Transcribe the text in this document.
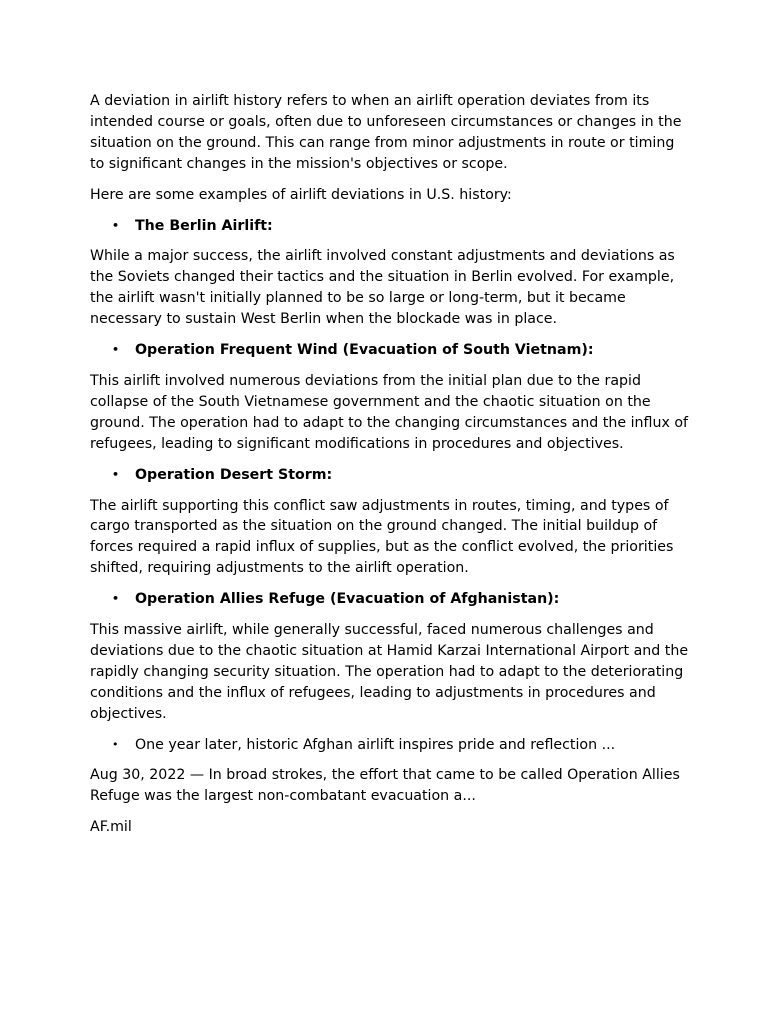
A deviation in airlift history refers to when an airlift operation deviates from its intended course or goals, often due to unforeseen circumstances or changes in the situation on the ground. This can range from minor adjustments in route or timing to significant changes in the mission's objectives or scope.

Here are some examples of airlift deviations in U.S. history:

• The Berlin Airlift:

While a major success, the airlift involved constant adjustments and deviations as the Soviets changed their tactics and the situation in Berlin evolved. For example, the airlift wasn't initially planned to be so large or long-term, but it became necessary to sustain West Berlin when the blockade was in place.

• Operation Frequent Wind (Evacuation of South Vietnam):

This airlift involved numerous deviations from the initial plan due to the rapid collapse of the South Vietnamese government and the chaotic situation on the ground. The operation had to adapt to the changing circumstances and the influx of refugees, leading to significant modifications in procedures and objectives.

• Operation Desert Storm:

The airlift supporting this conflict saw adjustments in routes, timing, and types of cargo transported as the situation on the ground changed. The initial buildup of forces required a rapid influx of supplies, but as the conflict evolved, the priorities shifted, requiring adjustments to the airlift operation.

• Operation Allies Refuge (Evacuation of Afghanistan):

This massive airlift, while generally successful, faced numerous challenges and deviations due to the chaotic situation at Hamid Karzai International Airport and the rapidly changing security situation. The operation had to adapt to the deteriorating conditions and the influx of refugees, leading to adjustments in procedures and objectives.

• One year later, historic Afghan airlift inspires pride and reflection ...

Aug 30, 2022 — In broad strokes, the effort that came to be called Operation Allies Refuge was the largest non-combatant evacuation a...

AF.mil
